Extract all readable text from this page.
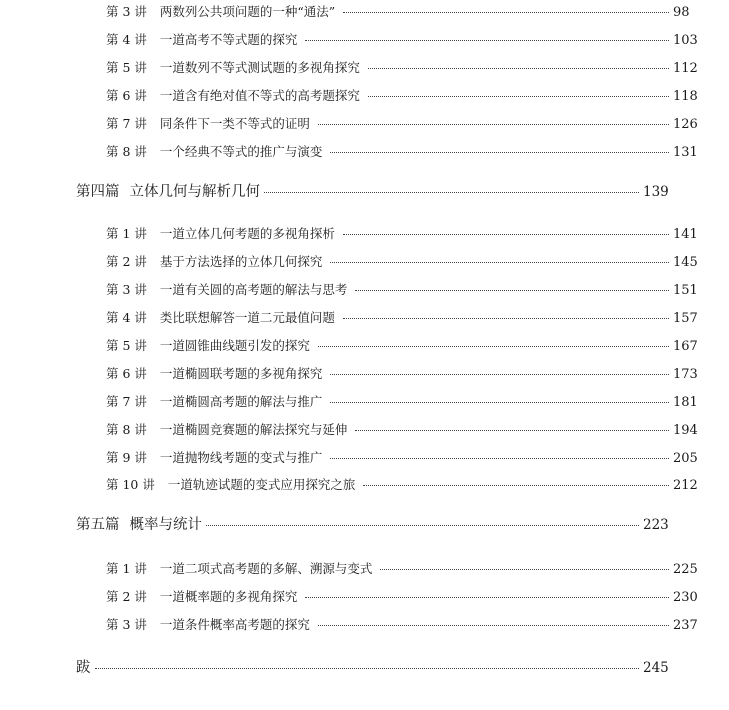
第 3 讲 两数列公共项问题的一种“通法”	98
第 4 讲 一道高考不等式题的探究	103
第 5 讲 一道数列不等式测试题的多视角探究	112
第 6 讲 一道含有绝对值不等式的高考题探究	118
第 7 讲 同条件下一类不等式的证明	126
第 8 讲 一个经典不等式的推广与演变	131
第四篇 立体几何与解析几何	139
第 1 讲 一道立体几何考题的多视角探析	141
第 2 讲 基于方法选择的立体几何探究	145
第 3 讲 一道有关圆的高考题的解法与思考	151
第 4 讲 类比联想解答一道二元最值问题	157
第 5 讲 一道圆锥曲线题引发的探究	167
第 6 讲 一道椭圆联考题的多视角探究	173
第 7 讲 一道椭圆高考题的解法与推广	181
第 8 讲 一道椭圆竞赛题的解法探究与延伸	194
第 9 讲 一道抛物线考题的变式与推广	205
第 10 讲 一道轨迹试题的变式应用探究之旅	212
第五篇 概率与统计	223
第 1 讲 一道二项式高考题的多解、溯源与变式	225
第 2 讲 一道概率题的多视角探究	230
第 3 讲 一道条件概率高考题的探究	237
跋	245
